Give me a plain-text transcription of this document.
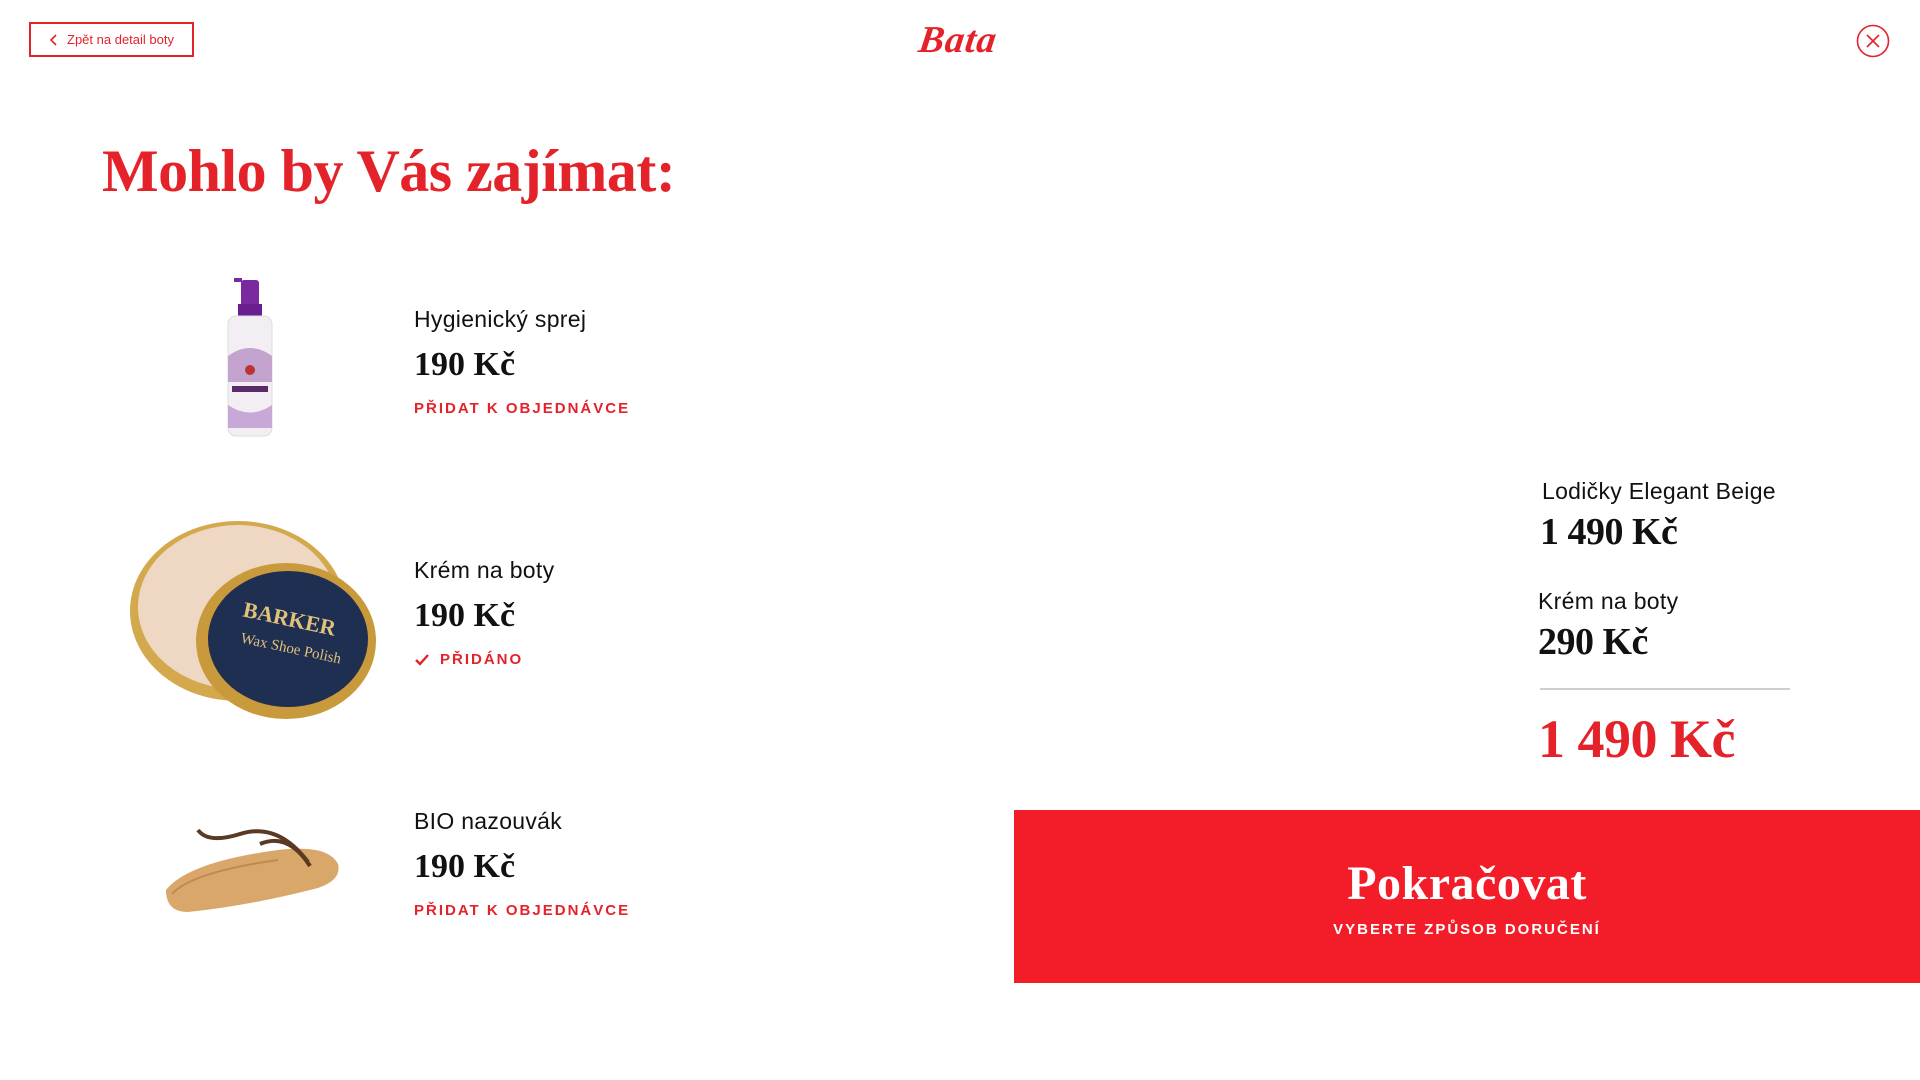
Zpět na detail boty	Bata
Mohlo by Vás zajímat:
Hygienický sprej
190 Kč
PŘIDAT K OBJEDNÁVCE
BARKER
Wax Shoe Polish
Krém na boty
190 Kč
PŘIDÁNO
BIO nazouvák
190 Kč
PŘIDAT K OBJEDNÁVCE
Lodičky Elegant Beige
1 490 Kč
Krém na boty
290 Kč
1 490 Kč
Pokračovat
VYBERTE ZPŮSOB DORUČENÍ
